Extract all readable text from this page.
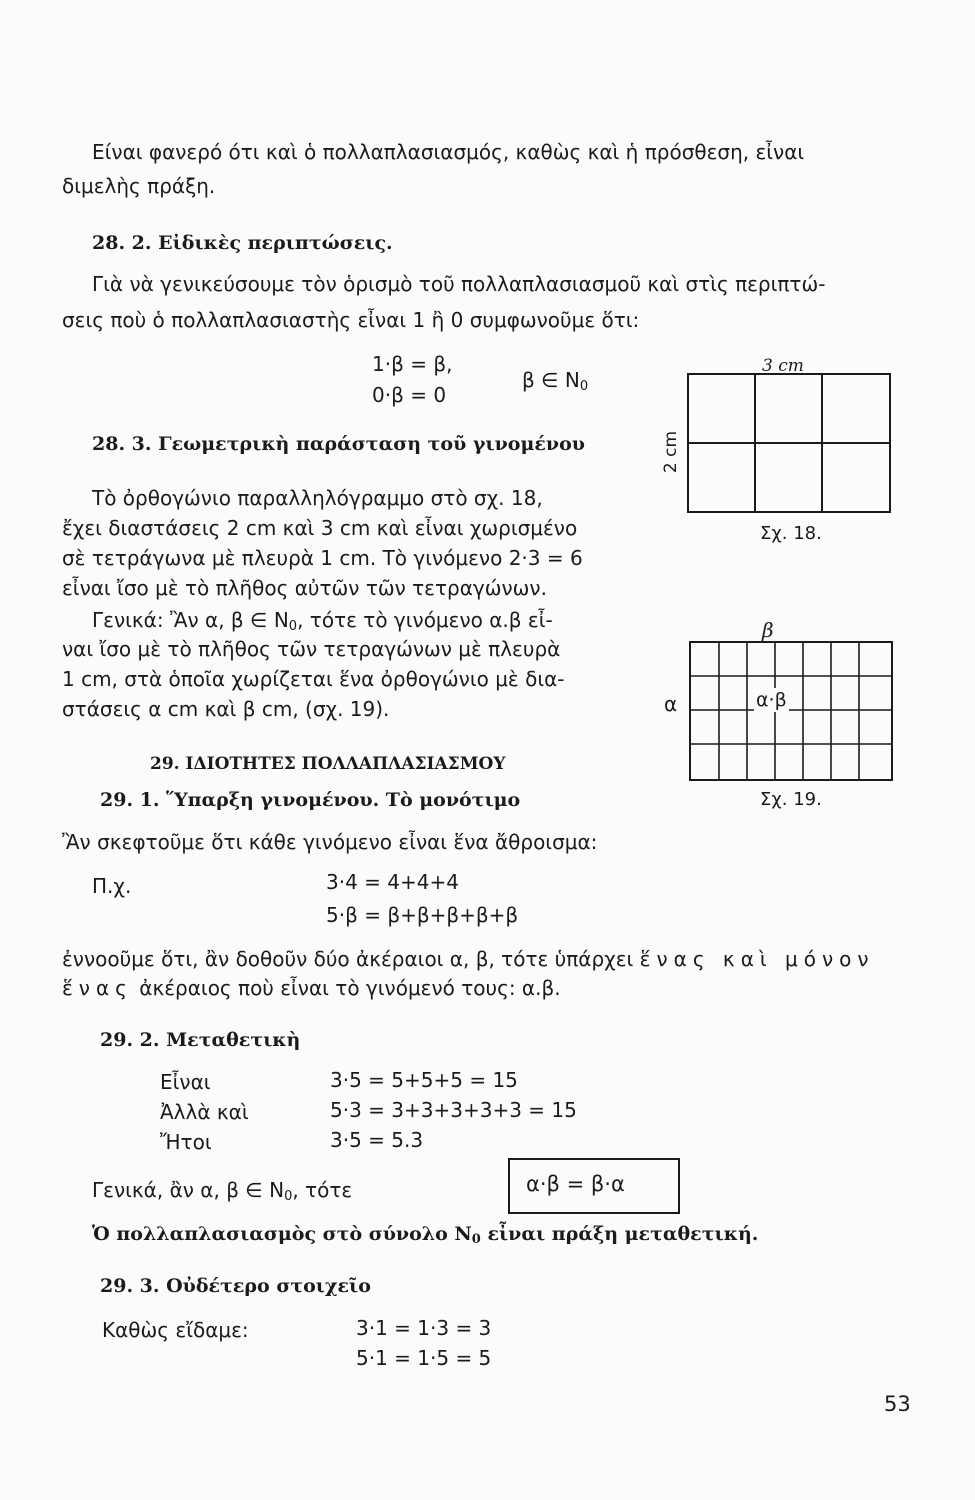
Είναι φανερό ότι καὶ ὁ πολλαπλασιασμός, καθὼς καὶ ἡ πρόσθεση, εἶναι
διμελὴς πράξη.
28. 2. Εἰδικὲς περιπτώσεις.
Γιὰ νὰ γενικεύσουμε τὸν ὁρισμὸ τοῦ πολλαπλασιασμοῦ καὶ στὶς περιπτώ-
σεις ποὺ ὁ πολλαπλασιαστὴς εἶναι 1 ἢ 0 συμφωνοῦμε ὅτι:
1·β = β,
0·β = 0
β ∈ $N_0$
28. 3. Γεωμετρικὴ παράσταση τοῦ γινομένου
Τὸ ὀρθογώνιο παραλληλόγραμμο στὸ σχ. 18,
ἔχει διαστάσεις 2 cm καὶ 3 cm καὶ εἶναι χωρισμένο
σὲ τετράγωνα μὲ πλευρὰ 1 cm. Τὸ γινόμενο 2·3 = 6
εἶναι ἴσο μὲ τὸ πλῆθος αὐτῶν τῶν τετραγώνων.
Γενικά: Ἂν α, β ∈ $N_0$, τότε τὸ γινόμενο α.β εἶ-
ναι ἴσο μὲ τὸ πλῆθος τῶν τετραγώνων μὲ πλευρὰ
1 cm, στὰ ὁποῖα χωρίζεται ἕνα ὀρθογώνιο μὲ δια-
στάσεις α cm καὶ β cm, (σχ. 19).
3 cm
2 cm
Σχ. 18.
β
α	α·β
Σχ. 19.
29. ΙΔΙΟΤΗΤΕΣ ΠΟΛΛΑΠΛΑΣΙΑΣΜΟΥ
29. 1. Ὕπαρξη γινομένου. Τὸ μονότιμο
Ἂν σκεφτοῦμε ὅτι κάθε γινόμενο εἶναι ἕνα ἄθροισμα:
Π.χ.	3·4 = 4+4+4
5·β = β+β+β+β+β
ἐννοοῦμε ὅτι, ἂν δοθοῦν δύο ἀκέραιοι α, β, τότε ὑπάρχει ἕνας καὶ μόνον
ἕνας ἀκέραιος ποὺ εἶναι τὸ γινόμενό τους: α.β.
29. 2. Μεταθετικὴ
Εἶναι	3·5 = 5+5+5 = 15
Ἀλλὰ καὶ	5·3 = 3+3+3+3+3 = 15
Ἤτοι	3·5 = 5.3
Γενικά, ἂν α, β ∈ $N_0$, τότε	α·β = β·α
Ὁ πολλαπλασιασμὸς στὸ σύνολο $N_0$ εἶναι πράξη μεταθετική.
29. 3. Οὐδέτερο στοιχεῖο
Καθὼς εἴδαμε:	3·1 = 1·3 = 3
5·1 = 1·5 = 5
53
